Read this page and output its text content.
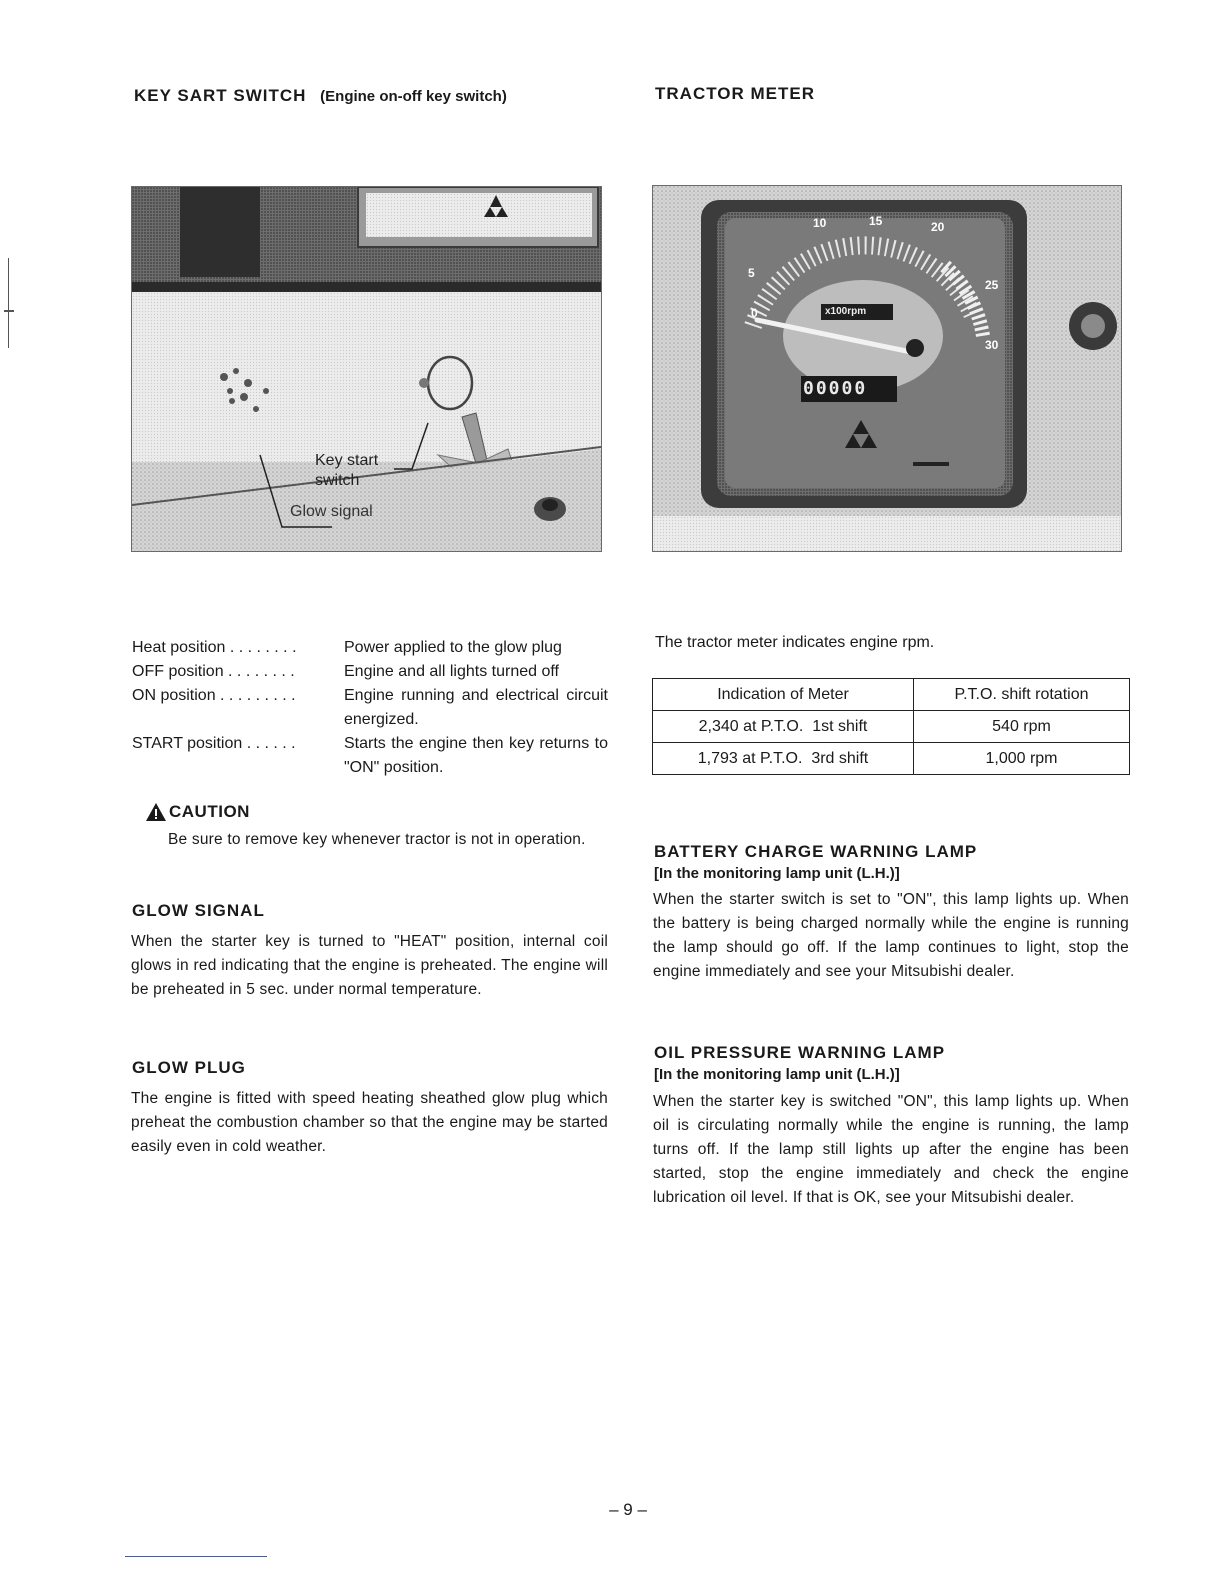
KEY SART SWITCH (Engine on-off key switch)	TRACTOR METER
Key start
switch
Glow signal
5
0
10	15	20
25
30
x100rpm
00000
Heat position . . . . . . . .	Power applied to the glow plug
OFF position . . . . . . . .	Engine and all lights turned off
ON position . . . . . . . . .	Engine running and electrical circuit energized.
START position . . . . . .	Starts the engine then key returns to "ON" position.
CAUTION
Be sure to remove key whenever tractor is not in operation.
GLOW SIGNAL
When the starter key is turned to "HEAT" position, internal coil glows in red indicating that the engine is preheated. The engine will be preheated in 5 sec. under normal temperature.
GLOW PLUG
The engine is fitted with speed heating sheathed glow plug which preheat the combustion chamber so that the engine may be started easily even in cold weather.
The tractor meter indicates engine rpm.
Indication of Meter	P.T.O. shift rotation
2,340 at P.T.O.  1st shift	540 rpm
1,793 at P.T.O.  3rd shift	1,000 rpm
BATTERY CHARGE WARNING LAMP
[In the monitoring lamp unit (L.H.)]
When the starter switch is set to "ON", this lamp lights up. When the battery is being charged normally while the engine is running the lamp should go off. If the lamp continues to light, stop the engine immediately and see your Mitsubishi dealer.
OIL PRESSURE WARNING LAMP
[In the monitoring lamp unit (L.H.)]
When the starter key is switched "ON", this lamp lights up. When oil is circulating normally while the engine is running, the lamp turns off. If the lamp still lights up after the engine has been started, stop the engine immediately and check the engine lubrication oil level. If that is OK, see your Mitsubishi dealer.
– 9 –
